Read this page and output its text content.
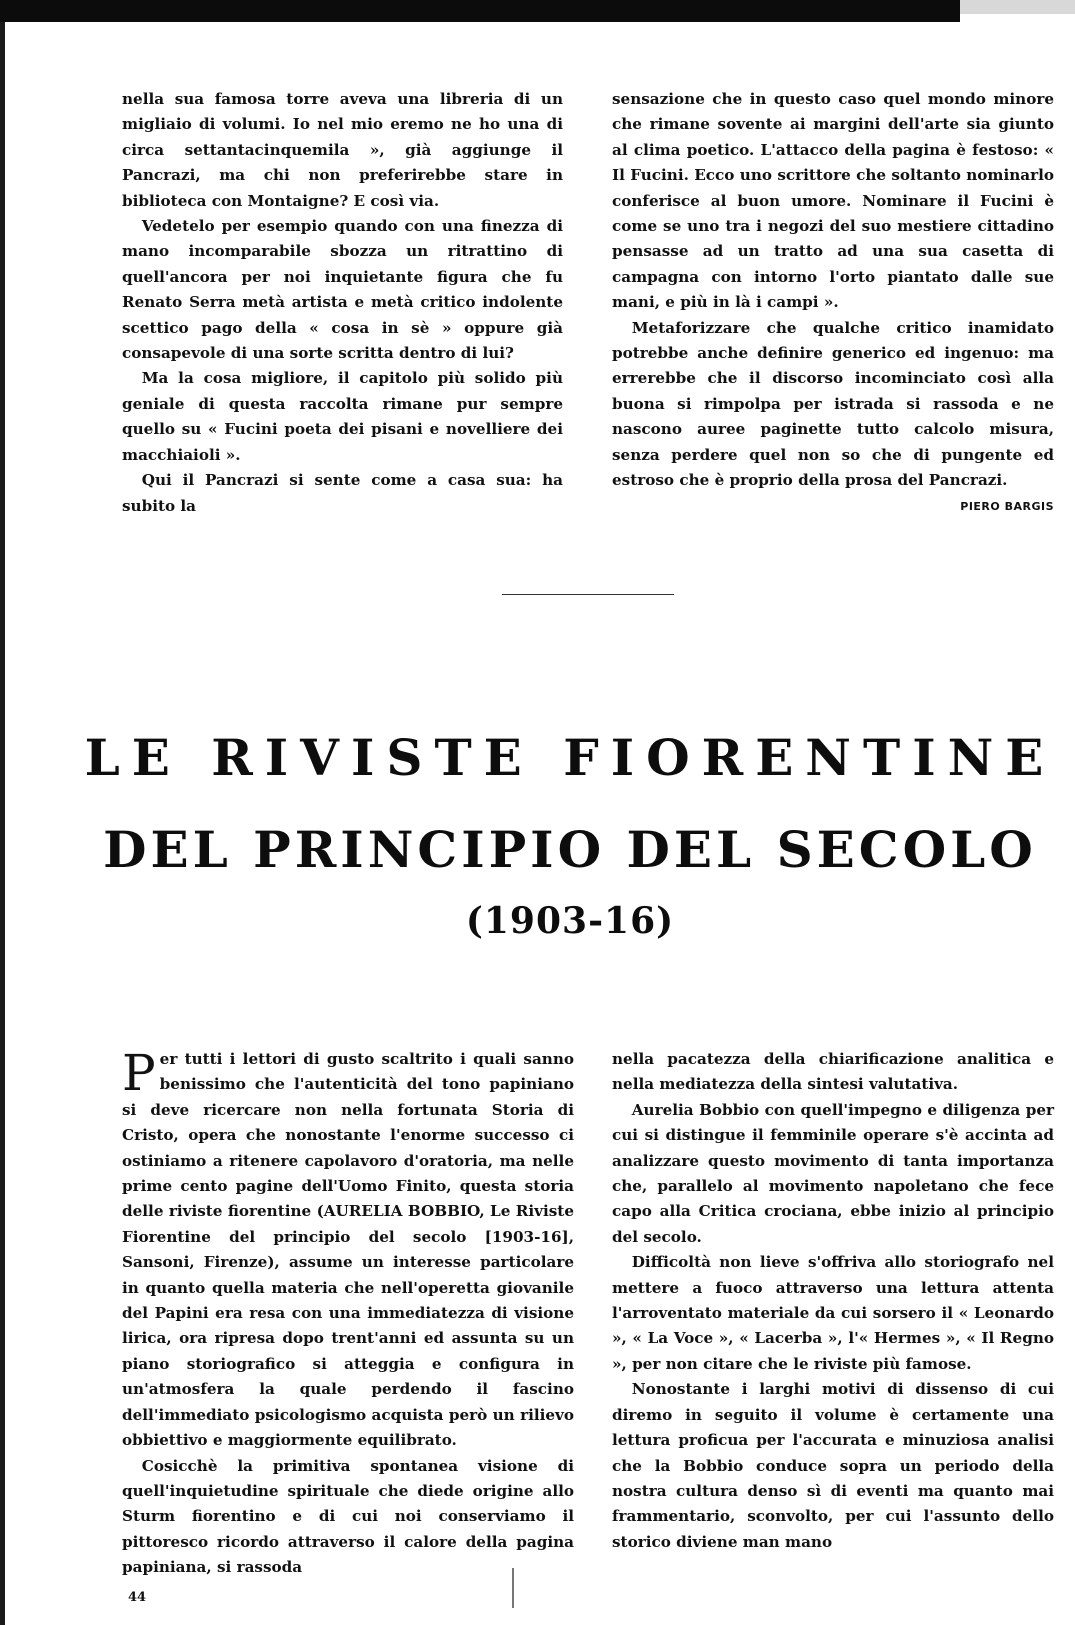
nella sua famosa torre aveva una libreria di un migliaio di volumi. Io nel mio eremo ne ho una di circa settantacinquemila », già aggiunge il Pancrazi, ma chi non preferirebbe stare in biblioteca con Montaigne? E così via.

Vedetelo per esempio quando con una finezza di mano incomparabile sbozza un ritrattino di quell'ancora per noi inquietante figura che fu Renato Serra metà artista e metà critico indolente scettico pago della « cosa in sè » oppure già consapevole di una sorte scritta dentro di lui?

Ma la cosa migliore, il capitolo più solido più geniale di questa raccolta rimane pur sempre quello su « Fucini poeta dei pisani e novelliere dei macchiaioli ».

Qui il Pancrazi si sente come a casa sua: ha subito la

sensazione che in questo caso quel mondo minore che rimane sovente ai margini dell'arte sia giunto al clima poetico. L'attacco della pagina è festoso: « Il Fucini. Ecco uno scrittore che soltanto nominarlo conferisce al buon umore. Nominare il Fucini è come se uno tra i negozi del suo mestiere cittadino pensasse ad un tratto ad una sua casetta di campagna con intorno l'orto piantato dalle sue mani, e più in là i campi ».

Metaforizzare che qualche critico inamidato potrebbe anche definire generico ed ingenuo: ma errerebbe che il discorso incominciato così alla buona si rimpolpa per istrada si rassoda e ne nascono auree paginette tutto calcolo misura, senza perdere quel non so che di pungente ed estroso che è proprio della prosa del Pancrazi.

PIERO BARGIS

LE RIVISTE FIORENTINE
DEL PRINCIPIO DEL SECOLO
(1903-16)

Per tutti i lettori di gusto scaltrito i quali sanno benissimo che l'autenticità del tono papiniano si deve ricercare non nella fortunata Storia di Cristo, opera che nonostante l'enorme successo ci ostiniamo a ritenere capolavoro d'oratoria, ma nelle prime cento pagine dell'Uomo Finito, questa storia delle riviste fiorentine (AURELIA BOBBIO, Le Riviste Fiorentine del principio del secolo [1903-16], Sansoni, Firenze), assume un interesse particolare in quanto quella materia che nell'operetta giovanile del Papini era resa con una immediatezza di visione lirica, ora ripresa dopo trent'anni ed assunta su un piano storiografico si atteggia e configura in un'atmosfera la quale perdendo il fascino dell'immediato psicologismo acquista però un rilievo obbiettivo e maggiormente equilibrato.

Cosicchè la primitiva spontanea visione di quell'inquietudine spirituale che diede origine allo Sturm fiorentino e di cui noi conserviamo il pittoresco ricordo attraverso il calore della pagina papiniana, si rassoda

nella pacatezza della chiarificazione analitica e nella mediatezza della sintesi valutativa.

Aurelia Bobbio con quell'impegno e diligenza per cui si distingue il femminile operare s'è accinta ad analizzare questo movimento di tanta importanza che, parallelo al movimento napoletano che fece capo alla Critica crociana, ebbe inizio al principio del secolo.

Difficoltà non lieve s'offriva allo storiografo nel mettere a fuoco attraverso una lettura attenta l'arroventato materiale da cui sorsero il « Leonardo », « La Voce », « Lacerba », l'« Hermes », « Il Regno », per non citare che le riviste più famose.

Nonostante i larghi motivi di dissenso di cui diremo in seguito il volume è certamente una lettura proficua per l'accurata e minuziosa analisi che la Bobbio conduce sopra un periodo della nostra cultura denso sì di eventi ma quanto mai frammentario, sconvolto, per cui l'assunto dello storico diviene man mano

44
